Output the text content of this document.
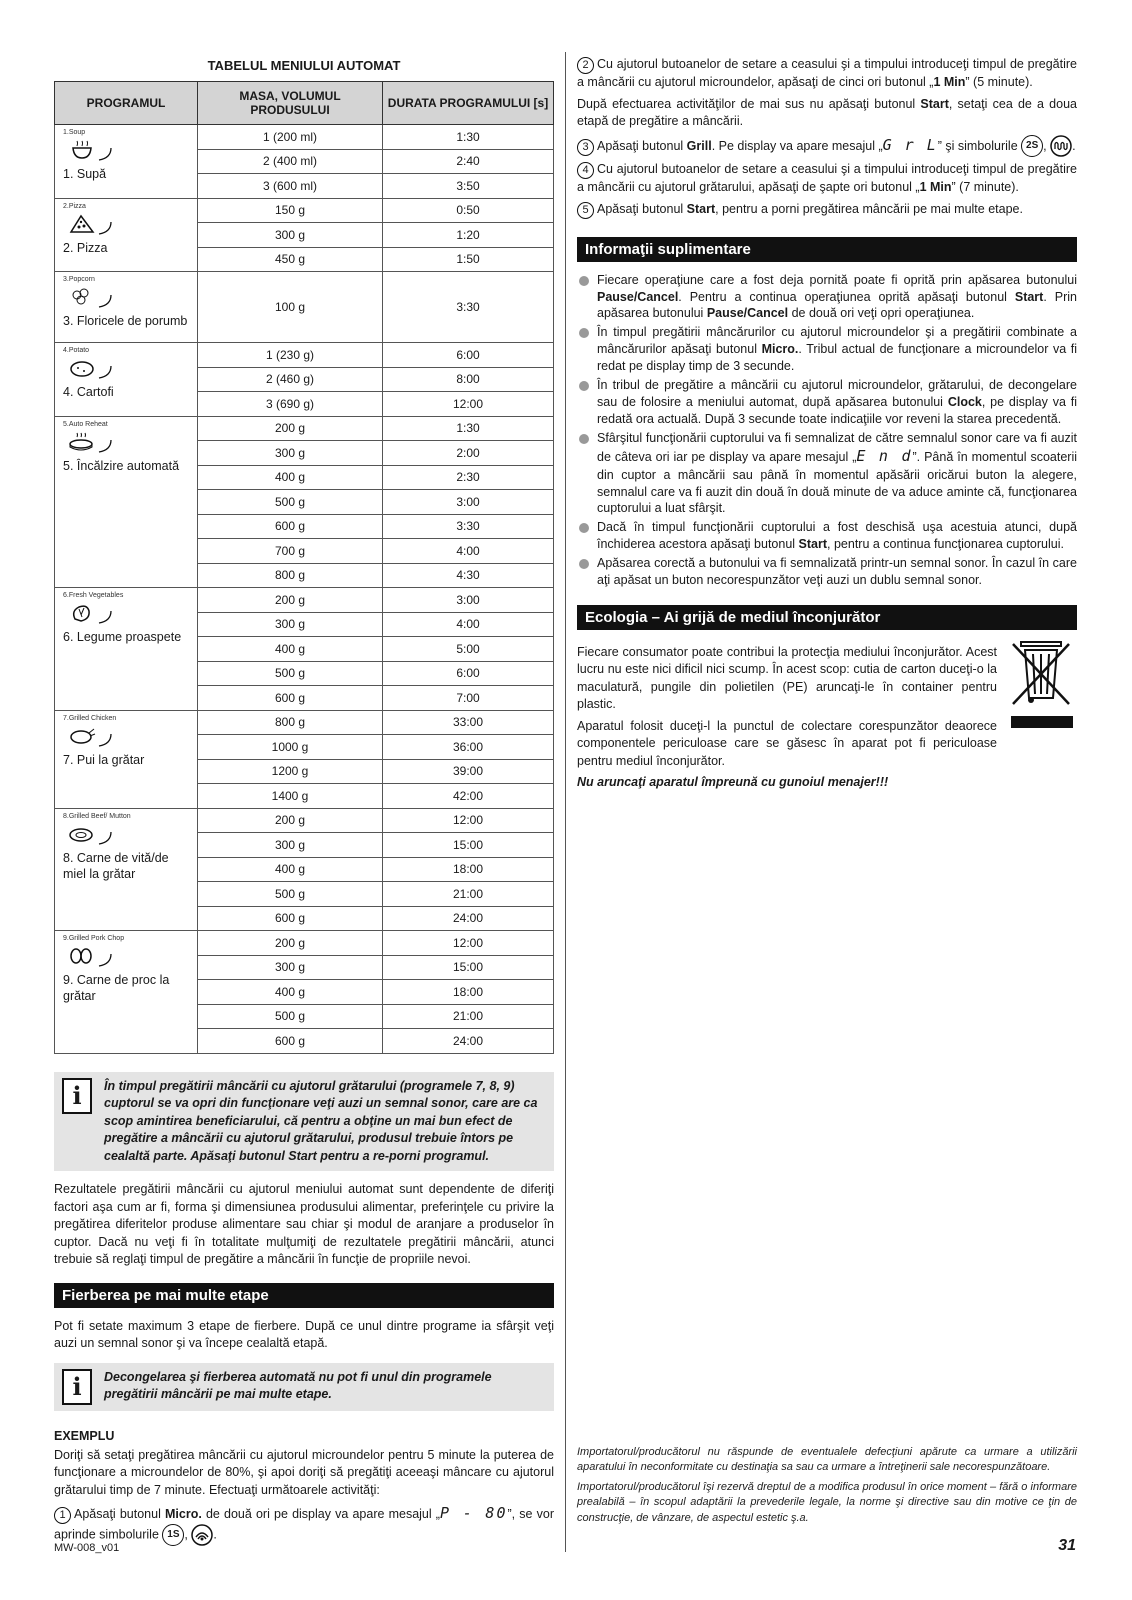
TABELUL MENIULUI AUTOMAT
PROGRAMUL	MASA, VOLUMUL PRODUSULUI	DURATA PROGRAMULUI [s]

1.Soup
1. Supă	1 (200 ml)	1:30
	2 (400 ml)	2:40
	3 (600 ml)	3:50

2.Pizza
2. Pizza	150 g	0:50
	300 g	1:20
	450 g	1:50

3.Popcorn
3. Floricele de porumb	100 g	3:30

4.Potato
4. Cartofi	1 (230 g)	6:00
	2 (460 g)	8:00
	3 (690 g)	12:00

5.Auto Reheat
5. Încălzire automată	200 g	1:30
	300 g	2:00
	400 g	2:30
	500 g	3:00
	600 g	3:30
	700 g	4:00
	800 g	4:30

6.Fresh Vegetables
6. Legume proaspete	200 g	3:00
	300 g	4:00
	400 g	5:00
	500 g	6:00
	600 g	7:00

7.Grilled Chicken
7. Pui la grătar	800 g	33:00
	1000 g	36:00
	1200 g	39:00
	1400 g	42:00

8.Grilled Beef/ Mutton
8. Carne de vită/de miel la grătar	200 g	12:00
	300 g	15:00
	400 g	18:00
	500 g	21:00
	600 g	24:00

9.Grilled Pork Chop
9. Carne de proc la grătar	200 g	12:00
	300 g	15:00
	400 g	18:00
	500 g	21:00
	600 g	24:00
i	În timpul pregătirii mâncării cu ajutorul grătarului (programele 7, 8, 9) cuptorul se va opri din funcţionare veţi auzi un semnal sonor, care are ca scop amintirea beneficiarului, că pentru a obţine un mai bun efect de pregătire a mâncării cu ajutorul grătarului, produsul trebuie întors pe cealaltă parte. Apăsaţi butonul Start pentru a re-porni programul.

Rezultatele pregătirii mâncării cu ajutorul meniului automat sunt dependente de diferiţi factori aşa cum ar fi, forma şi dimensiunea produsului alimentar, preferinţele cu privire la pregătirea diferitelor produse alimentare sau chiar şi modul de aranjare a produselor în cuptor. Dacă nu veţi fi în totalitate mulţumiţi de rezultatele pregătirii mâncării, atunci trebuie să reglaţi timpul de pregătire a mâncării în funcţie de propriile nevoi.

Fierberea pe mai multe etape

Pot fi setate maximum 3 etape de fierbere. După ce unul dintre programe ia sfârşit veţi auzi un semnal sonor şi va începe cealaltă etapă.

i	Decongelarea şi fierberea automată nu pot fi unul din programele pregătirii mâncării pe mai multe etape.
EXEMPLU

Doriţi să setaţi pregătirea mâncării cu ajutorul microundelor pentru 5 minute la puterea de funcţionare a microundelor de 80%, şi apoi doriţi să pregătiţi aceeaşi mâncare cu ajutorul grătarului timp de 7 minute. Efectuaţi următoarele activităţi:

1 Apăsaţi butonul Micro. de două ori pe display va apare mesajul „P - 80”, se vor aprinde simbolurile 1S , .

2 Cu ajutorul butoanelor de setare a ceasului şi a timpului introduceţi timpul de pregătire a mâncării cu ajutorul microundelor, apăsaţi de cinci ori butonul „1 Min” (5 minute).

După efectuarea activităţilor de mai sus nu apăsaţi butonul Start, setaţi cea de a doua etapă de pregătire a mâncării.

3 Apăsaţi butonul Grill. Pe display va apare mesajul „G r L” şi simbolurile 2S , .

4 Cu ajutorul butoanelor de setare a ceasului şi a timpului introduceţi timpul de pregătire a mâncării cu ajutorul grătarului, apăsaţi de şapte ori butonul „1 Min” (7 minute).

5 Apăsaţi butonul Start, pentru a porni pregătirea mâncării pe mai multe etape.

Informaţii suplimentare
Fiecare operaţiune care a fost deja pornită poate fi oprită prin apăsarea butonului Pause/Cancel. Pentru a continua operaţiunea oprită apăsaţi butonul Start. Prin apăsarea butonului Pause/Cancel de două ori veţi opri operaţiunea.
În timpul pregătirii mâncărurilor cu ajutorul microundelor şi a pregătirii combinate a mâncărurilor apăsaţi butonul Micro.. Tribul actual de funcţionare a microundelor va fi redat pe display timp de 3 secunde.
În tribul de pregătire a mâncării cu ajutorul microundelor, grătarului, de decongelare sau de folosire a meniului automat, după apăsarea butonului Clock, pe display va fi redată ora actuală. După 3 secunde toate indicaţiile vor reveni la starea precedentă.
Sfârşitul funcţionării cuptorului va fi semnalizat de către semnalul sonor care va fi auzit de câteva ori iar pe display va apare mesajul „E n d”. Până în momentul scoaterii din cuptor a mâncării sau până în momentul apăsării oricărui buton la alegere, semnalul care va fi auzit din două în două minute de va aduce aminte că, funcţionarea cuptorului a luat sfârşit.
Dacă în timpul funcţionării cuptorului a fost deschisă uşa acestuia atunci, după închiderea acestora apăsaţi butonul Start, pentru a continua funcţionarea cuptorului.
Apăsarea corectă a butonului va fi semnalizată printr-un semnal sonor. În cazul în care aţi apăsat un buton necorespunzător veţi auzi un dublu semnal sonor.
Ecologia – Ai grijă de mediul înconjurător

Fiecare consumator poate contribui la protecţia mediului înconjurător. Acest lucru nu este nici dificil nici scump. În acest scop: cutia de carton duceţi-o la maculatură, pungile din polietilen (PE) aruncaţi-le în container pentru plastic.

Aparatul folosit duceţi-l la punctul de colectare corespunzător deaorece componentele periculoase care se găsesc în aparat pot fi periculoase pentru mediul înconjurător.

Nu aruncaţi aparatul împreună cu gunoiul menajer!!!

Importatorul/producătorul nu răspunde de eventualele defecţiuni apărute ca urmare a utilizării aparatului în neconformitate cu destinaţia sa sau ca urmare a întreţinerii sale necorespunzătoare.

Importatorul/producătorul îşi rezervă dreptul de a modifica produsul în orice moment – fără o informare prealabilă – în scopul adaptării la prevederile legale, la norme şi directive sau din motive ce ţin de construcţie, de vânzare, de aspectul estetic ş.a.

MW-008_v01	31
